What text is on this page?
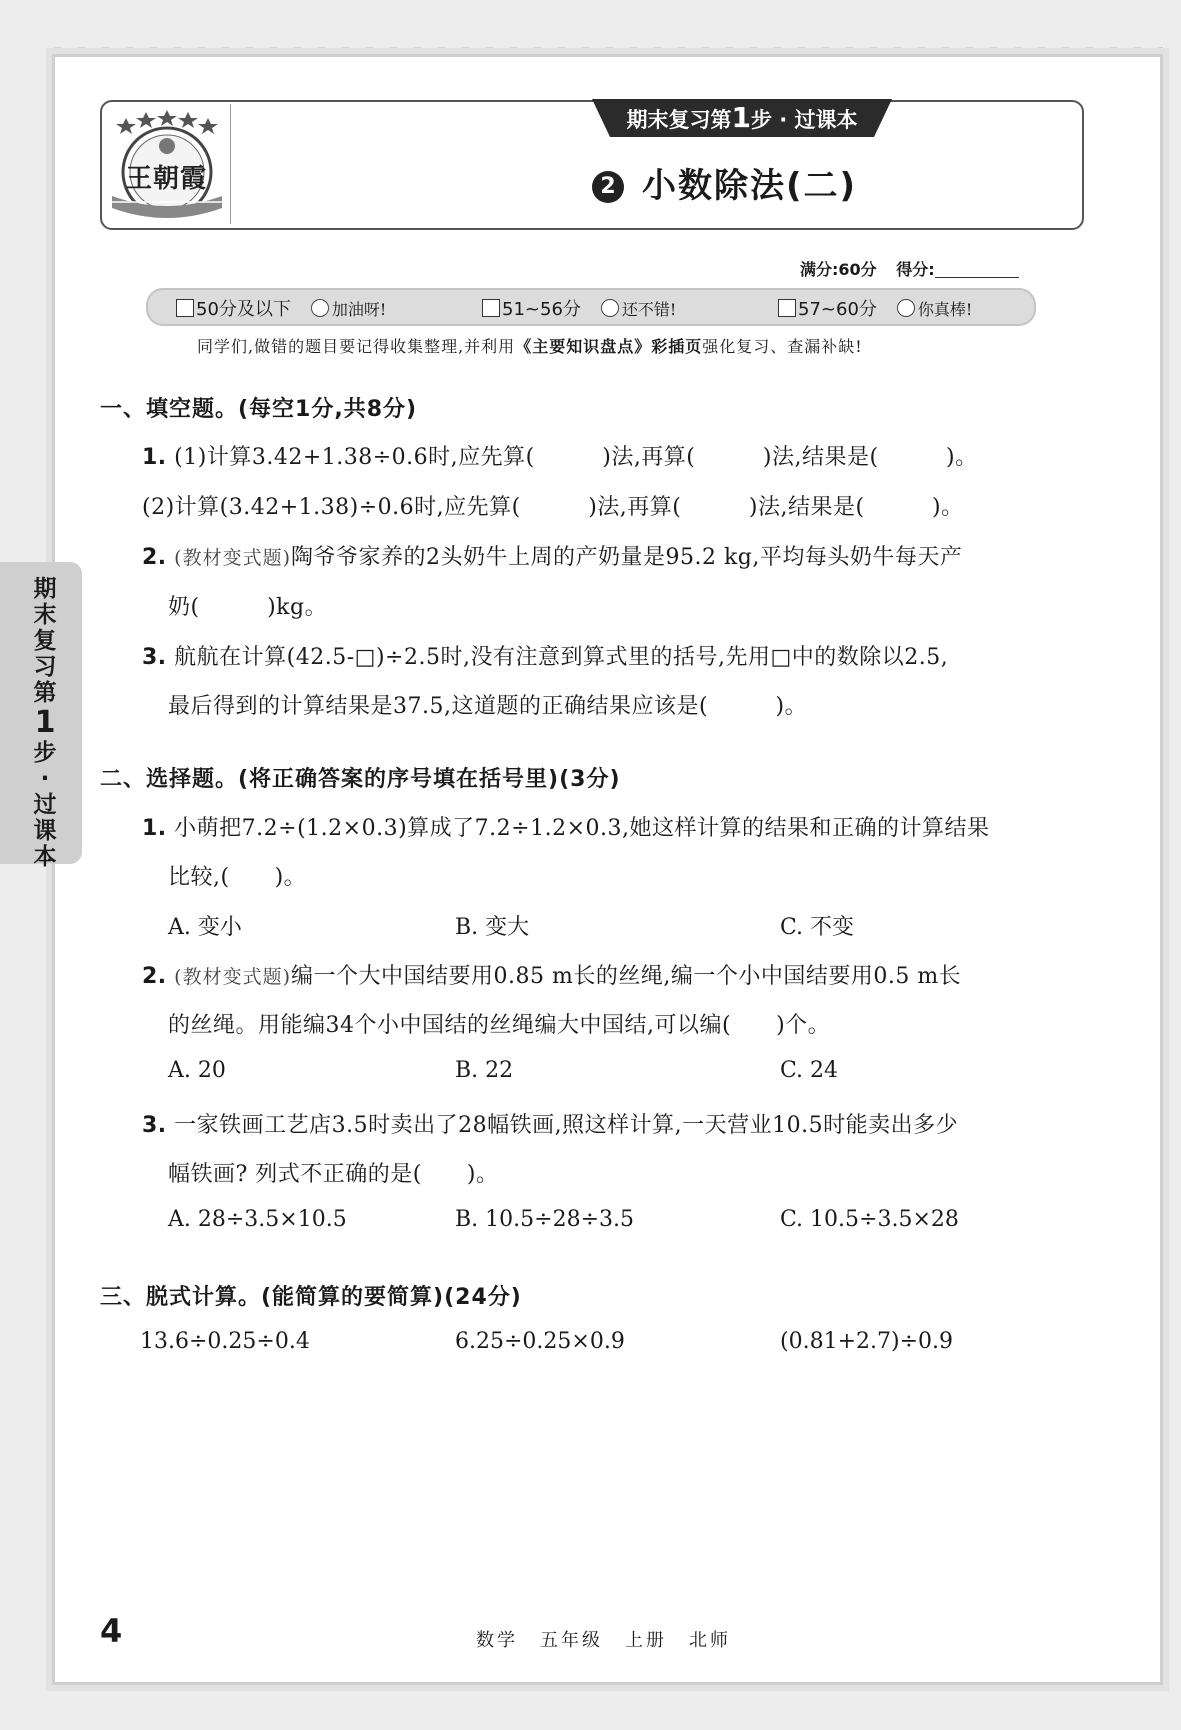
期末复习第
1
步·过课本
王朝霞
期末复习第1步 · 过课本
2 小数除法(二)
满分:60分 得分:
50分及以下	加油呀!	51~56分	还不错!	57~60分	你真棒!
同学们,做错的题目要记得收集整理,并利用《主要知识盘点》彩插页强化复习、查漏补缺!
一、填空题。(每空1分,共8分)
1. (1)计算3.42+1.38÷0.6时,应先算(　　　)法,再算(　　　)法,结果是(　　　)。
(2)计算(3.42+1.38)÷0.6时,应先算(　　　)法,再算(　　　)法,结果是(　　　)。
2. (教材变式题)陶爷爷家养的2头奶牛上周的产奶量是95.2 kg,平均每头奶牛每天产
奶(　　　)kg。
3. 航航在计算(42.5-□)÷2.5时,没有注意到算式里的括号,先用□中的数除以2.5,
最后得到的计算结果是37.5,这道题的正确结果应该是(　　　)。
二、选择题。(将正确答案的序号填在括号里)(3分)
1. 小萌把7.2÷(1.2×0.3)算成了7.2÷1.2×0.3,她这样计算的结果和正确的计算结果
比较,(　　)。
A. 变小	B. 变大	C. 不变
2. (教材变式题)编一个大中国结要用0.85 m长的丝绳,编一个小中国结要用0.5 m长
的丝绳。用能编34个小中国结的丝绳编大中国结,可以编(　　)个。
A. 20	B. 22	C. 24
3. 一家铁画工艺店3.5时卖出了28幅铁画,照这样计算,一天营业10.5时能卖出多少
幅铁画? 列式不正确的是(　　)。
A. 28÷3.5×10.5	B. 10.5÷28÷3.5	C. 10.5÷3.5×28
三、脱式计算。(能简算的要简算)(24分)
13.6÷0.25÷0.4	6.25÷0.25×0.9	(0.81+2.7)÷0.9
4	数学 五年级 上册 北师
